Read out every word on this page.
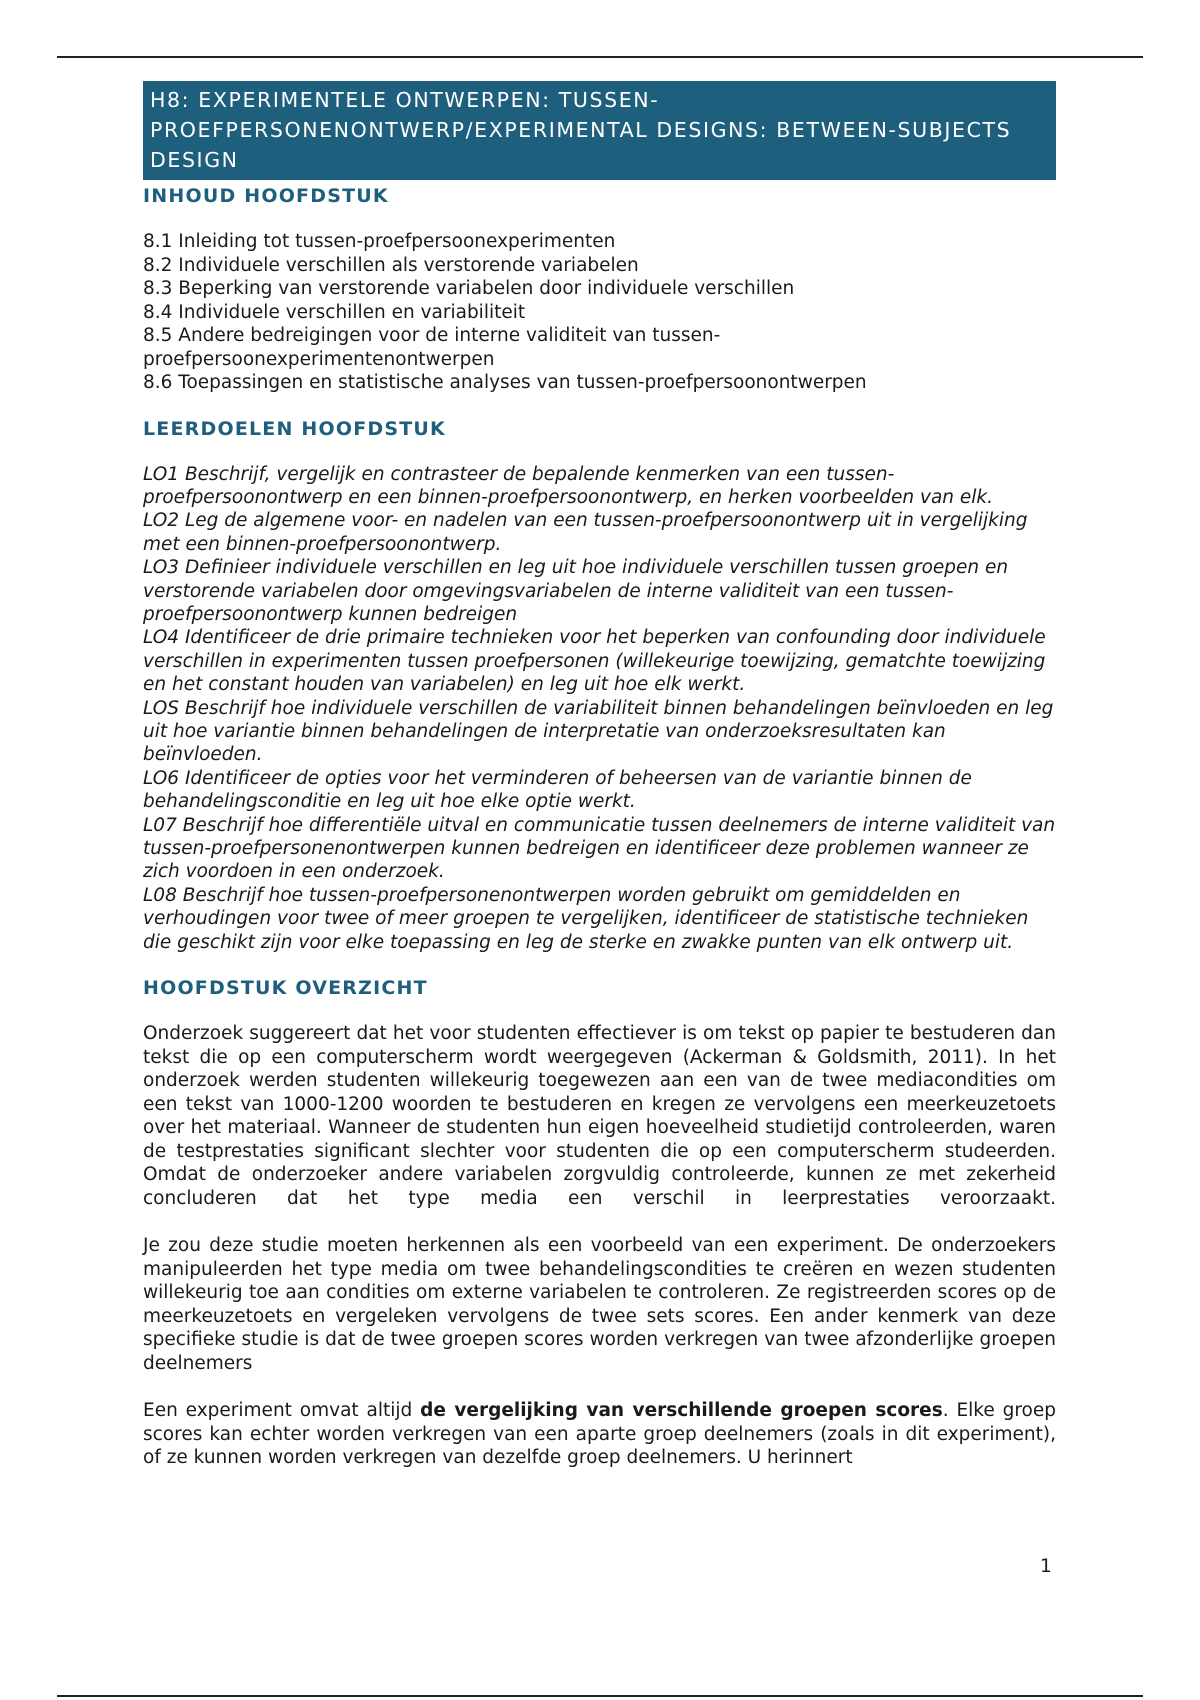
H8: EXPERIMENTELE ONTWERPEN: TUSSEN-PROEFPERSONENONTWERP/EXPERIMENTAL DESIGNS: BETWEEN-SUBJECTS DESIGN
INHOUD HOOFDSTUK
8.1 Inleiding tot tussen-proefpersoonexperimenten
8.2 Individuele verschillen als verstorende variabelen
8.3 Beperking van verstorende variabelen door individuele verschillen
8.4 Individuele verschillen en variabiliteit
8.5 Andere bedreigingen voor de interne validiteit van tussen-proefpersoonexperimentenontwerpen
8.6 Toepassingen en statistische analyses van tussen-proefpersoonontwerpen
LEERDOELEN HOOFDSTUK
LO1 Beschrijf, vergelijk en contrasteer de bepalende kenmerken van een tussen-proefpersoonontwerp en een binnen-proefpersoonontwerp, en herken voorbeelden van elk.
LO2 Leg de algemene voor- en nadelen van een tussen-proefpersoonontwerp uit in vergelijking met een binnen-proefpersoonontwerp.
LO3 Definieer individuele verschillen en leg uit hoe individuele verschillen tussen groepen en verstorende variabelen door omgevingsvariabelen de interne validiteit van een tussen-proefpersoonontwerp kunnen bedreigen
LO4 Identificeer de drie primaire technieken voor het beperken van confounding door individuele verschillen in experimenten tussen proefpersonen (willekeurige toewijzing, gematchte toewijzing en het constant houden van variabelen) en leg uit hoe elk werkt.
LOS Beschrijf hoe individuele verschillen de variabiliteit binnen behandelingen beïnvloeden en leg uit hoe variantie binnen behandelingen de interpretatie van onderzoeksresultaten kan beïnvloeden.
LO6 Identificeer de opties voor het verminderen of beheersen van de variantie binnen de behandelingsconditie en leg uit hoe elke optie werkt.
L07 Beschrijf hoe differentiële uitval en communicatie tussen deelnemers de interne validiteit van tussen-proefpersonenontwerpen kunnen bedreigen en identificeer deze problemen wanneer ze zich voordoen in een onderzoek.
L08 Beschrijf hoe tussen-proefpersonenontwerpen worden gebruikt om gemiddelden en verhoudingen voor twee of meer groepen te vergelijken, identificeer de statistische technieken die geschikt zijn voor elke toepassing en leg de sterke en zwakke punten van elk ontwerp uit.
HOOFDSTUK OVERZICHT

Onderzoek suggereert dat het voor studenten effectiever is om tekst op papier te bestuderen dan tekst die op een computerscherm wordt weergegeven (Ackerman & Goldsmith, 2011). In het onderzoek werden studenten willekeurig toegewezen aan een van de twee mediacondities om een tekst van 1000-1200 woorden te bestuderen en kregen ze vervolgens een meerkeuzetoets over het materiaal. Wanneer de studenten hun eigen hoeveelheid studietijd controleerden, waren de testprestaties significant slechter voor studenten die op een computerscherm studeerden. Omdat de onderzoeker andere variabelen zorgvuldig controleerde, kunnen ze met zekerheid concluderen dat het type media een verschil in leerprestaties veroorzaakt.

Je zou deze studie moeten herkennen als een voorbeeld van een experiment. De onderzoekers manipuleerden het type media om twee behandelingscondities te creëren en wezen studenten willekeurig toe aan condities om externe variabelen te controleren. Ze registreerden scores op de meerkeuzetoets en vergeleken vervolgens de twee sets scores. Een ander kenmerk van deze specifieke studie is dat de twee groepen scores worden verkregen van twee afzonderlijke groepen deelnemers

Een experiment omvat altijd de vergelijking van verschillende groepen scores. Elke groep scores kan echter worden verkregen van een aparte groep deelnemers (zoals in dit experiment), of ze kunnen worden verkregen van dezelfde groep deelnemers. U herinnert

1
